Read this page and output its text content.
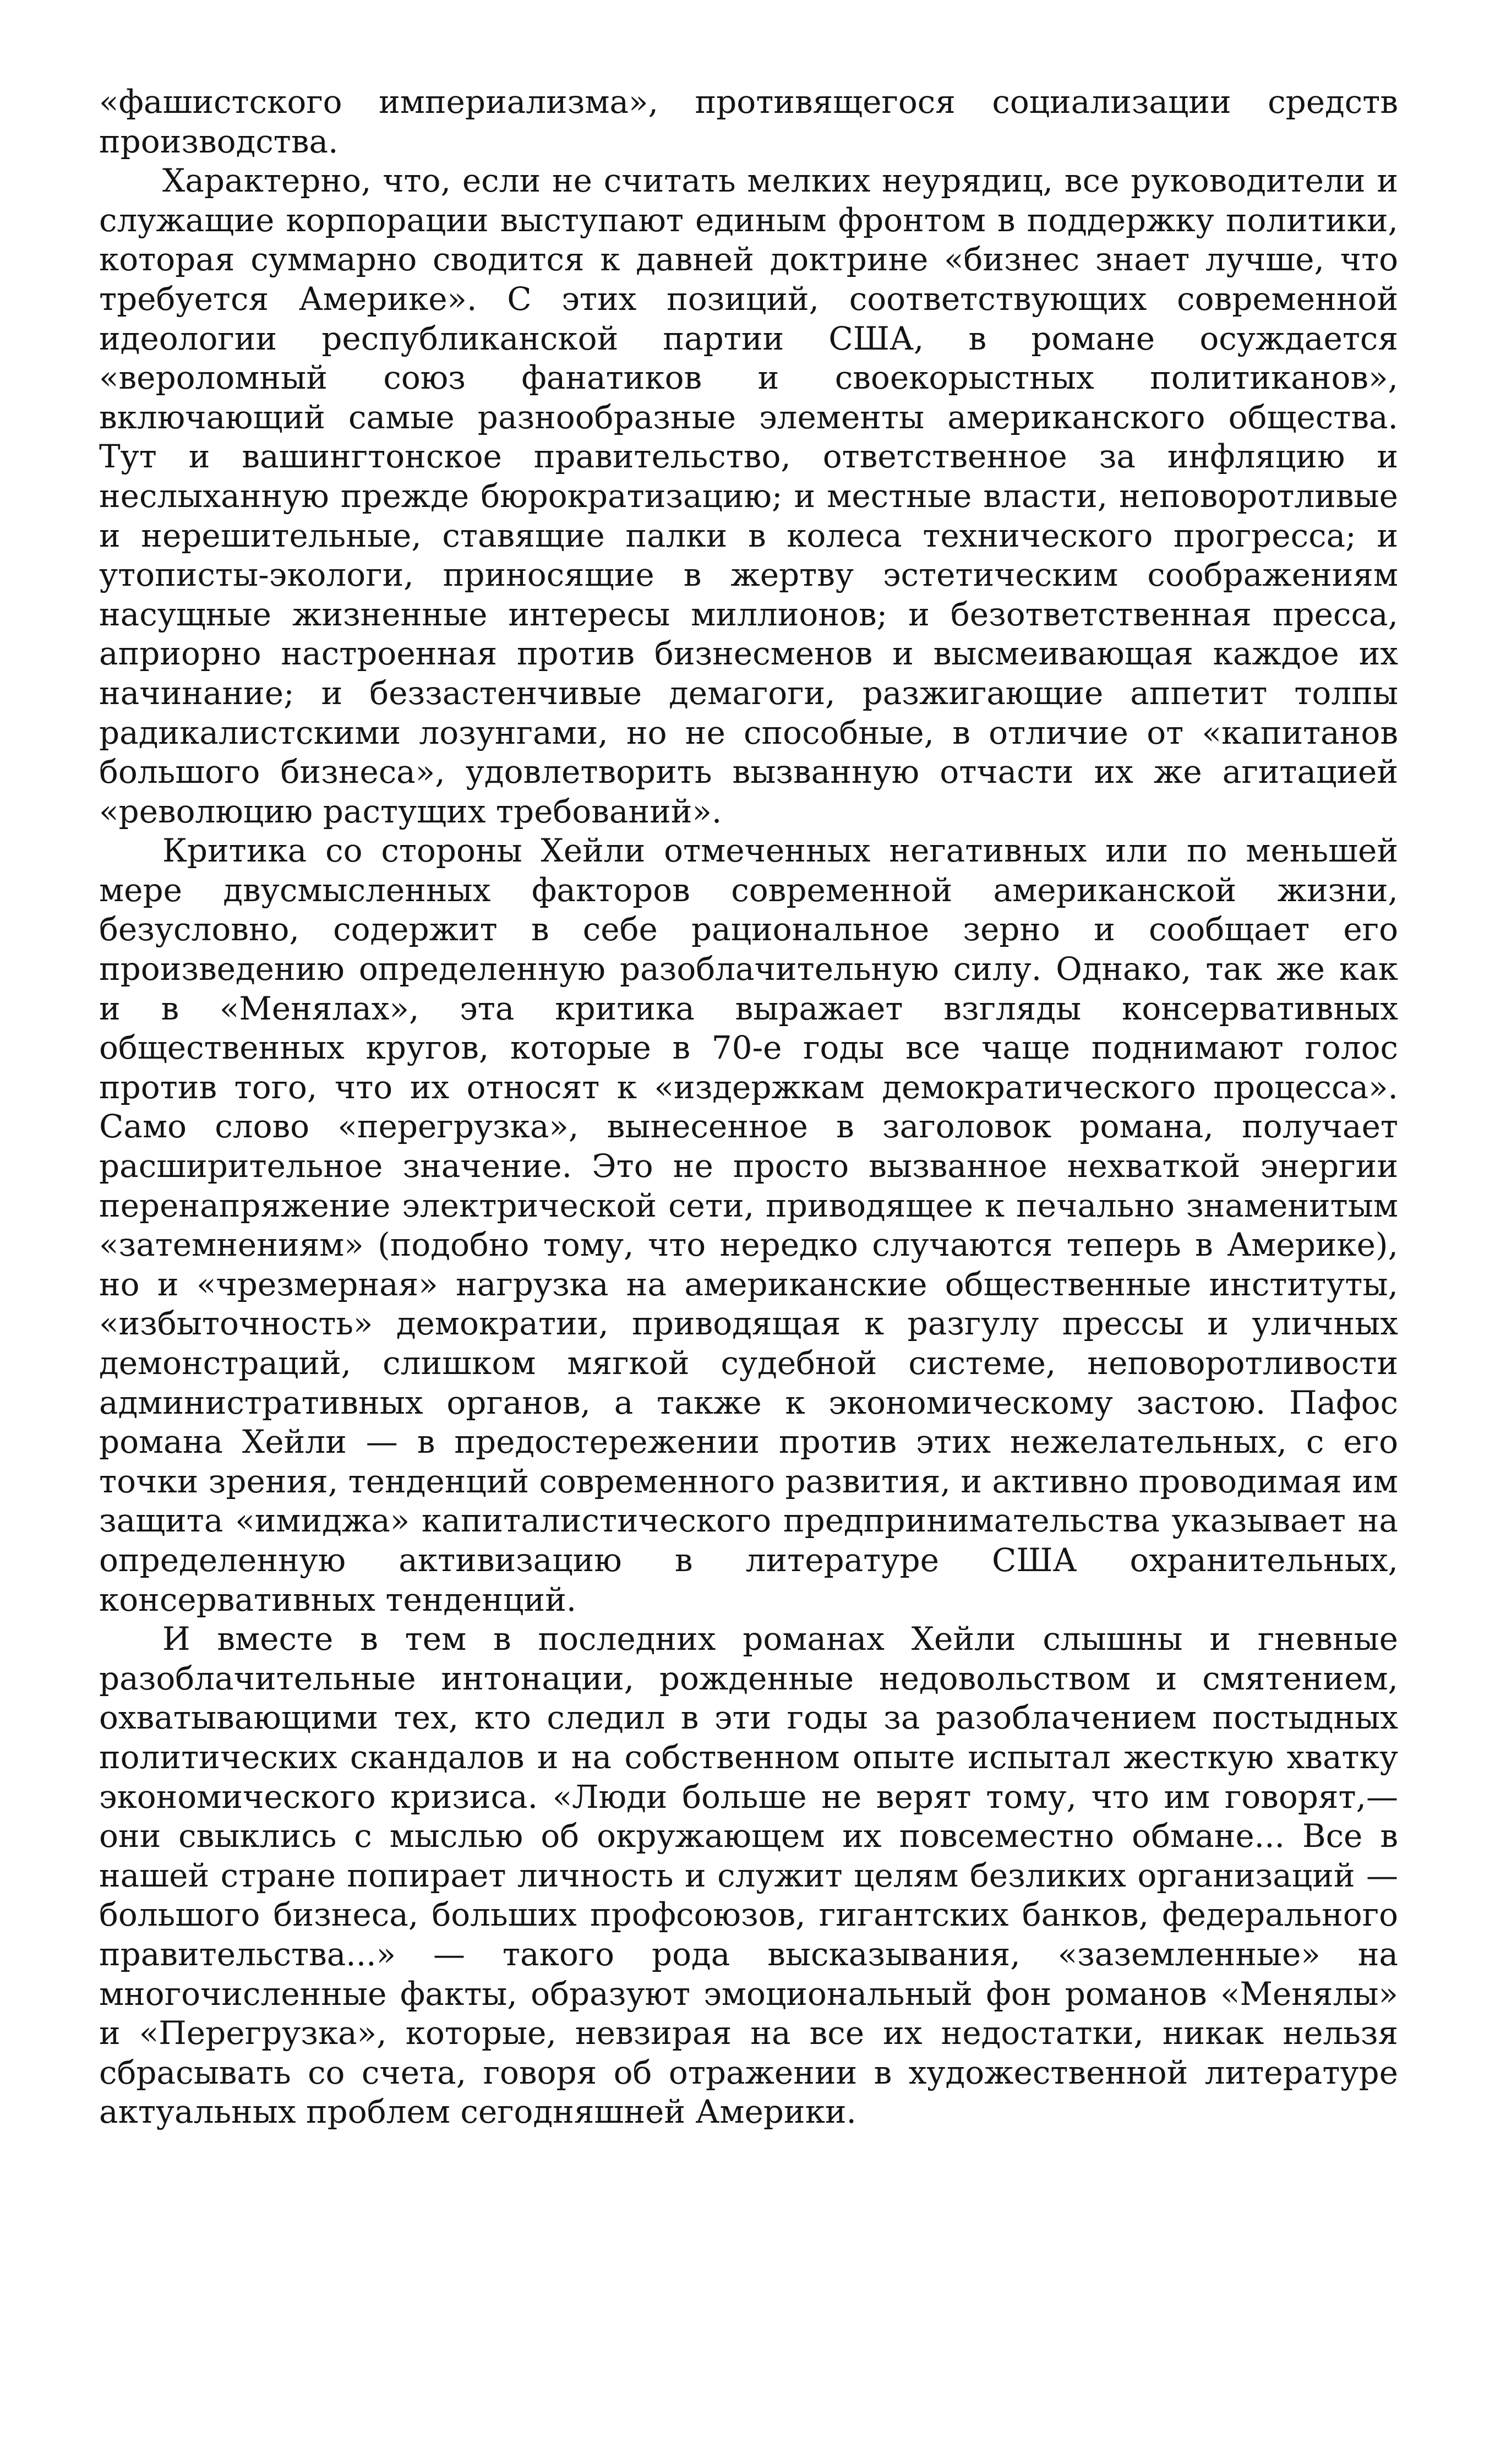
«фашистского империализма», противящегося социализации средств производства.

Характерно, что, если не считать мелких неурядиц, все руководители и служащие корпорации выступают единым фронтом в поддержку политики, которая суммарно сводится к давней доктрине «бизнес знает лучше, что требуется Америке». С этих позиций, соответствующих современной идеологии республиканской партии США, в романе осуждается «вероломный союз фанатиков и своекорыстных политиканов», включающий самые разнообразные элементы американского общества. Тут и вашингтонское правительство, ответственное за инфляцию и неслыханную прежде бюрократизацию; и местные власти, неповоротливые и нерешительные, ставящие палки в колеса технического прогресса; и утописты-экологи, приносящие в жертву эстетическим соображениям насущные жизненные интересы миллионов; и безответственная пресса, априорно настроенная против бизнесменов и высмеивающая каждое их начинание; и беззастенчивые демагоги, разжигающие аппетит толпы радикалистскими лозунгами, но не способные, в отличие от «капитанов большого бизнеса», удовлетворить вызванную отчасти их же агитацией «революцию растущих требований».

Критика со стороны Хейли отмеченных негативных или по меньшей мере двусмысленных факторов современной американской жизни, безусловно, содержит в себе рациональное зерно и сообщает его произведению определенную разоблачительную силу. Однако, так же как и в «Менялах», эта критика выражает взгляды консервативных общественных кругов, которые в 70-е годы все чаще поднимают голос против того, что их относят к «издержкам демократического процесса». Само слово «перегрузка», вынесенное в заголовок романа, получает расширительное значение. Это не просто вызванное нехваткой энергии перенапряжение электрической сети, приводящее к печально знаменитым «затемнениям» (подобно тому, что нередко случаются теперь в Америке), но и «чрезмерная» нагрузка на американские общественные институты, «избыточность» демократии, приводящая к разгулу прессы и уличных демонстраций, слишком мягкой судебной системе, неповоротливости административных органов, а также к экономическому застою. Пафос романа Хейли — в предостережении против этих нежелательных, с его точки зрения, тенденций современного развития, и активно проводимая им защита «имиджа» капиталистического предпринимательства указывает на определенную активизацию в литературе США охранительных, консервативных тенденций.

И вместе в тем в последних романах Хейли слышны и гневные разоблачительные интонации, рожденные недовольством и смятением, охватывающими тех, кто следил в эти годы за разоблачением постыдных политических скандалов и на собственном опыте испытал жесткую хватку экономического кризиса. «Люди больше не верят тому, что им говорят,— они свыклись с мыслью об окружающем их повсеместно обмане... Все в нашей стране попирает личность и служит целям безликих организаций — большого бизнеса, больших профсоюзов, гигантских банков, федерального правительства...» — такого рода высказывания, «заземленные» на многочисленные факты, образуют эмоциональный фон романов «Менялы» и «Перегрузка», которые, невзирая на все их недостатки, никак нельзя сбрасывать со счета, говоря об отражении в художественной литературе актуальных проблем сегодняшней Америки.
